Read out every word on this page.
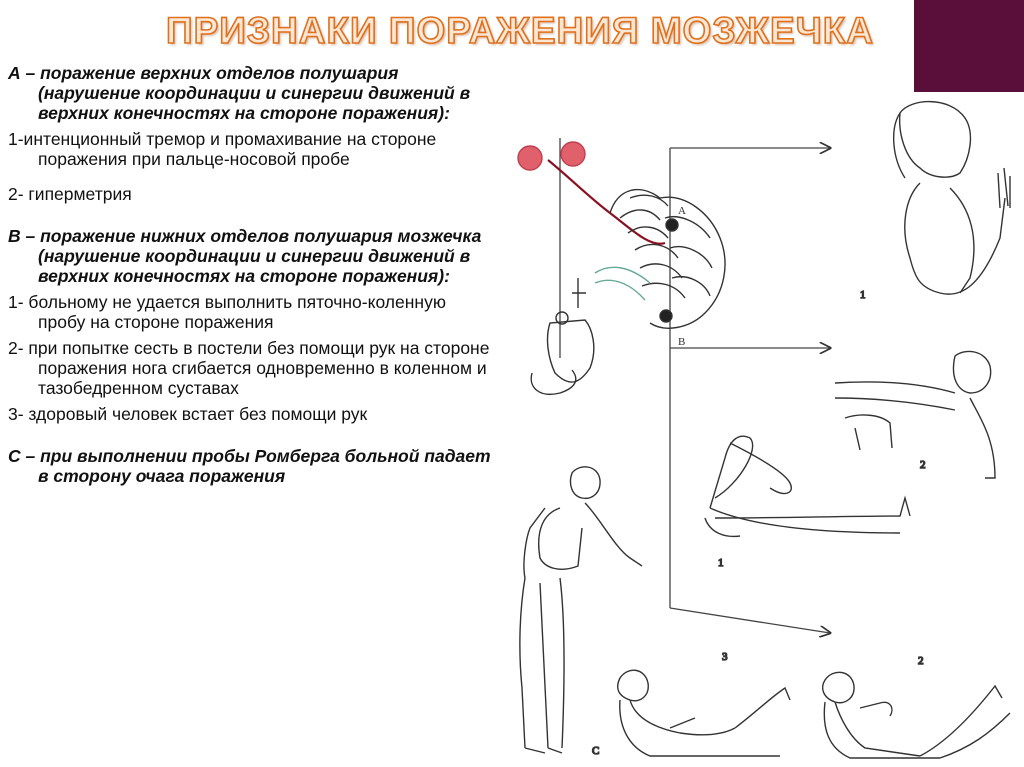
ПРИЗНАКИ ПОРАЖЕНИЯ МОЗЖЕЧКА
А – поражение верхних отделов полушария (нарушение координации и синергии движений в верхних конечностях на стороне поражения):
1-интенционный тремор и промахивание на стороне поражения при пальце-носовой пробе
2- гиперметрия
В – поражение нижних отделов полушария мозжечка (нарушение координации и синергии движений в верхних конечностях на стороне поражения):
1- больному не удается выполнить пяточно-коленную пробу на стороне поражения
2- при попытке сесть в постели без помощи рук на стороне поражения нога сгибается одновременно в коленном и тазобедренном суставах
3- здоровый человек встает без помощи рук
С – при выполнении пробы Ромберга больной падает в сторону очага поражения
1
2
1
C
3	2
A
B
